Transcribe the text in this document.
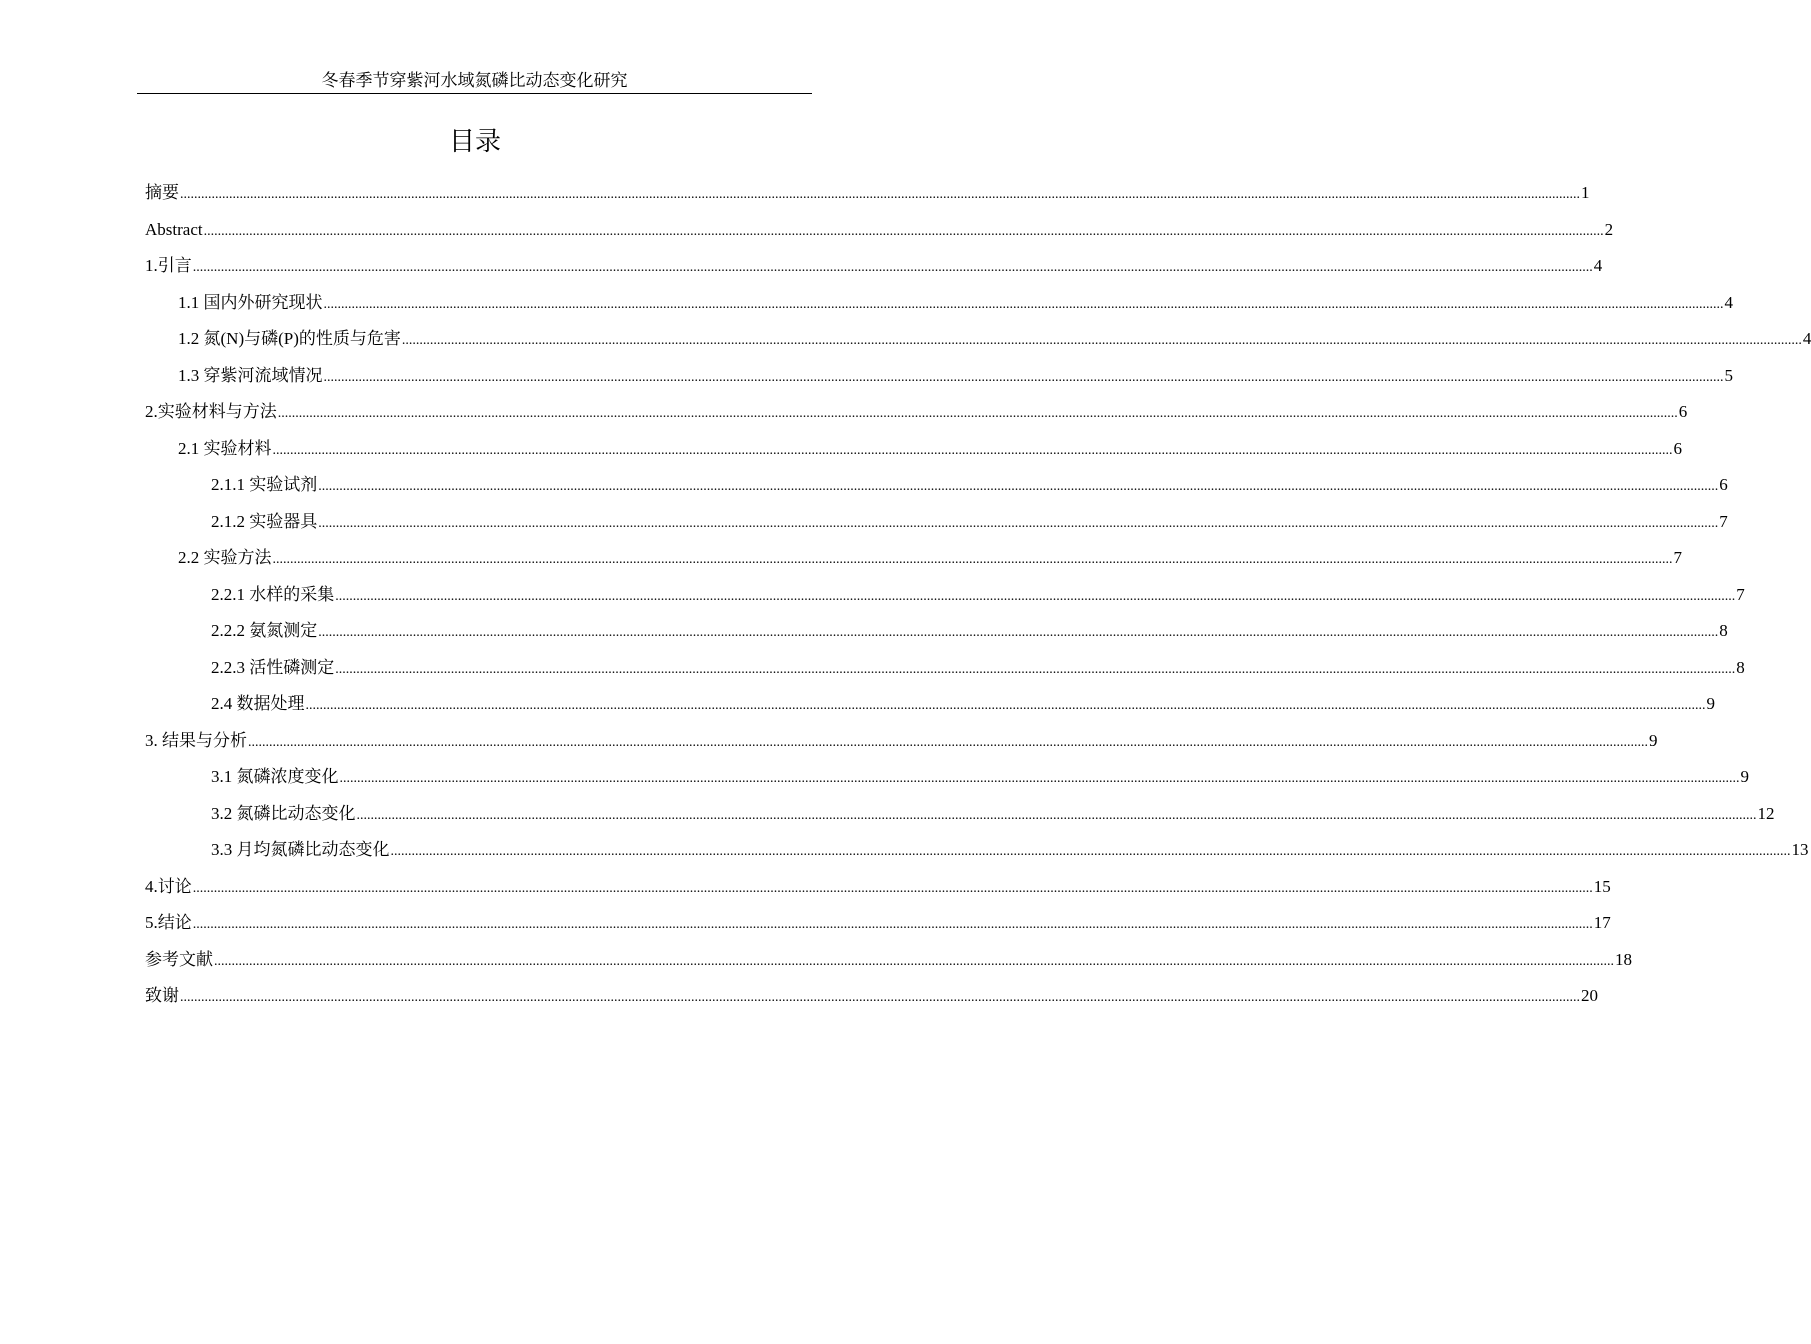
冬春季节穿紫河水域氮磷比动态变化研究
目录
摘要 ................................................................................................................................................................................................................................................................................................................................................................................................................ 1
Abstract ................................................................................................................................................................................................................................................................................................................................................................................................................ 2
1.引言 ................................................................................................................................................................................................................................................................................................................................................................................................................ 4
1.1 国内外研究现状 ................................................................................................................................................................................................................................................................................................................................................................................................................ 4
1.2 氮(N)与磷(P)的性质与危害 ................................................................................................................................................................................................................................................................................................................................................................................................................ 4
1.3 穿紫河流域情况 ................................................................................................................................................................................................................................................................................................................................................................................................................ 5
2.实验材料与方法 ................................................................................................................................................................................................................................................................................................................................................................................................................ 6
2.1 实验材料 ................................................................................................................................................................................................................................................................................................................................................................................................................ 6
2.1.1 实验试剂 ................................................................................................................................................................................................................................................................................................................................................................................................................ 6
2.1.2 实验器具 ................................................................................................................................................................................................................................................................................................................................................................................................................ 7
2.2 实验方法 ................................................................................................................................................................................................................................................................................................................................................................................................................ 7
2.2.1 水样的采集 ................................................................................................................................................................................................................................................................................................................................................................................................................ 7
2.2.2 氨氮测定 ................................................................................................................................................................................................................................................................................................................................................................................................................ 8
2.2.3 活性磷测定 ................................................................................................................................................................................................................................................................................................................................................................................................................ 8
2.4 数据处理 ................................................................................................................................................................................................................................................................................................................................................................................................................ 9
3. 结果与分析 ................................................................................................................................................................................................................................................................................................................................................................................................................ 9
3.1 氮磷浓度变化 ................................................................................................................................................................................................................................................................................................................................................................................................................ 9
3.2 氮磷比动态变化 ................................................................................................................................................................................................................................................................................................................................................................................................................ 12
3.3 月均氮磷比动态变化 ................................................................................................................................................................................................................................................................................................................................................................................................................ 13
4.讨论 ................................................................................................................................................................................................................................................................................................................................................................................................................ 15
5.结论 ................................................................................................................................................................................................................................................................................................................................................................................................................ 17
参考文献 ................................................................................................................................................................................................................................................................................................................................................................................................................ 18
致谢 ................................................................................................................................................................................................................................................................................................................................................................................................................ 20
